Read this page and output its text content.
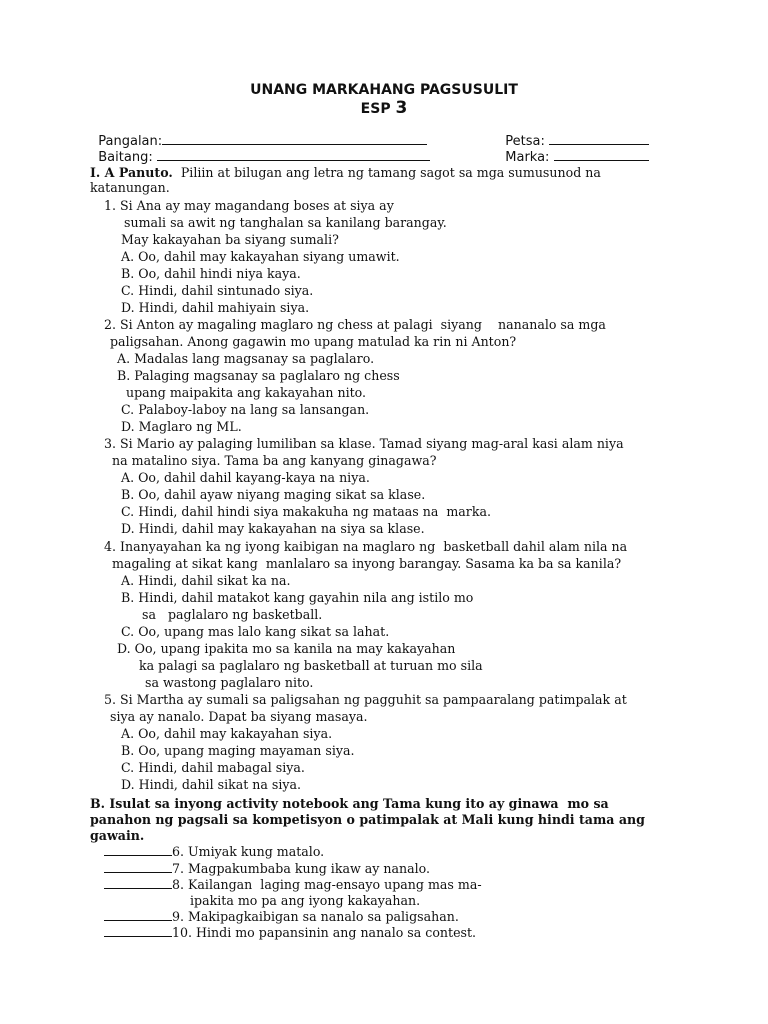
UNANG MARKAHANG PAGSUSULIT
ESP 3

Pangalan:	Petsa:

Baitang:	Marka:

I. A Panuto. Piliin at bilugan ang letra ng tamang sagot sa mga sumusunod na
katanungan.
1. Si Ana ay may magandang boses at siya ay
sumali sa awit ng tanghalan sa kanilang barangay.
May kakayahan ba siyang sumali?
A. Oo, dahil may kakayahan siyang umawit.
B. Oo, dahil hindi niya kaya.
C. Hindi, dahil sintunado siya.
D. Hindi, dahil mahiyain siya.
2. Si Anton ay magaling maglaro ng chess at palagi  siyang    nananalo sa mga
paligsahan. Anong gagawin mo upang matulad ka rin ni Anton?
A. Madalas lang magsanay sa paglalaro.
B. Palaging magsanay sa paglalaro ng chess
upang maipakita ang kakayahan nito.
C. Palaboy-laboy na lang sa lansangan.
D. Maglaro ng ML.
3. Si Mario ay palaging lumiliban sa klase. Tamad siyang mag-aral kasi alam niya
na matalino siya. Tama ba ang kanyang ginagawa?
A. Oo, dahil dahil kayang-kaya na niya.
B. Oo, dahil ayaw niyang maging sikat sa klase.
C. Hindi, dahil hindi siya makakuha ng mataas na  marka.
D. Hindi, dahil may kakayahan na siya sa klase.
4. Inanyayahan ka ng iyong kaibigan na maglaro ng  basketball dahil alam nila na
magaling at sikat kang  manlalaro sa inyong barangay. Sasama ka ba sa kanila?
A. Hindi, dahil sikat ka na.
B. Hindi, dahil matakot kang gayahin nila ang istilo mo
sa   paglalaro ng basketball.
C. Oo, upang mas lalo kang sikat sa lahat.
D. Oo, upang ipakita mo sa kanila na may kakayahan
ka palagi sa paglalaro ng basketball at turuan mo sila
sa wastong paglalaro nito.
5. Si Martha ay sumali sa paligsahan ng pagguhit sa pampaaralang patimpalak at
siya ay nanalo. Dapat ba siyang masaya.
A. Oo, dahil may kakayahan siya.
B. Oo, upang maging mayaman siya.
C. Hindi, dahil mabagal siya.
D. Hindi, dahil sikat na siya.
B. Isulat sa inyong activity notebook ang Tama kung ito ay ginawa  mo sa
panahon ng pagsali sa kompetisyon o patimpalak at Mali kung hindi tama ang
gawain.
6. Umiyak kung matalo.
7. Magpakumbaba kung ikaw ay nanalo.
8. Kailangan  laging mag-ensayo upang mas ma-
ipakita mo pa ang iyong kakayahan.
9. Makipagkaibigan sa nanalo sa paligsahan.
10. Hindi mo papansinin ang nanalo sa contest.
